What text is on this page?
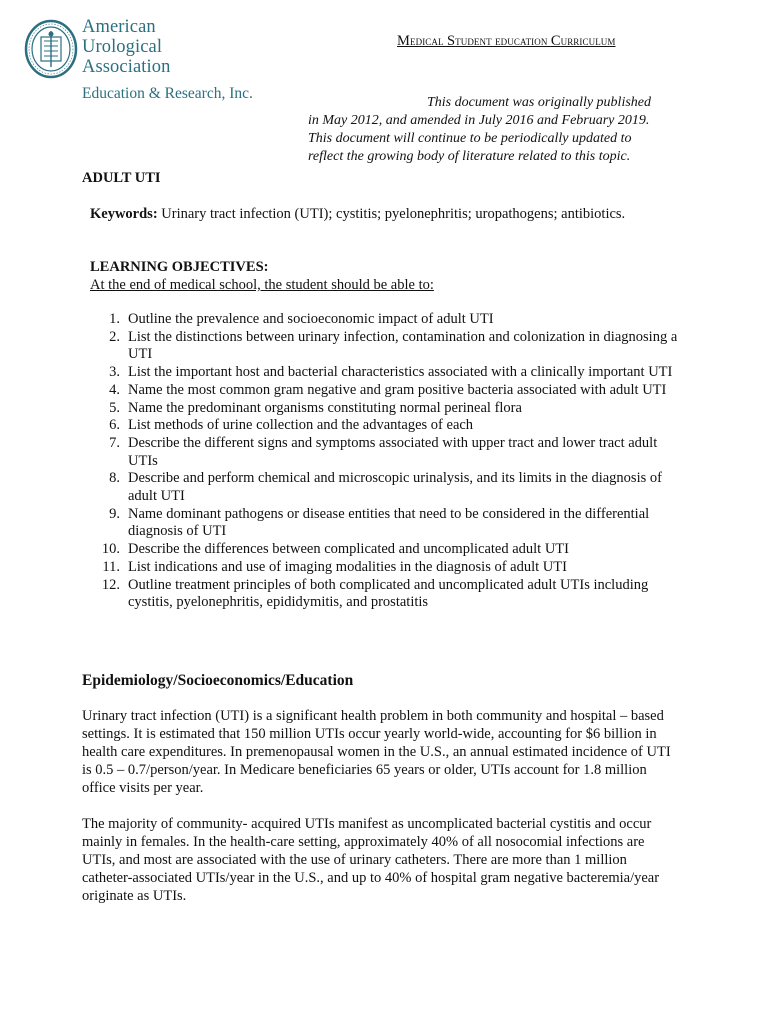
American
Urological
Association
Education & Research, Inc.
Medical Student education Curriculum
This document was originally published
in May 2012, and amended in July 2016 and February 2019.
This document will continue to be periodically updated to
reflect the growing body of literature related to this topic.
ADULT UTI
Keywords: Urinary tract infection (UTI); cystitis; pyelonephritis; uropathogens; antibiotics.
LEARNING OBJECTIVES:
At the end of medical school, the student should be able to:
1. Outline the prevalence and socioeconomic impact of adult UTI
2. List the distinctions between urinary infection, contamination and colonization in diagnosing a UTI
3. List the important host and bacterial characteristics associated with a clinically important UTI
4. Name the most common gram negative and gram positive bacteria associated with adult UTI
5. Name the predominant organisms constituting normal perineal flora
6. List methods of urine collection and the advantages of each
7. Describe the different signs and symptoms associated with upper tract and lower tract adult UTIs
8. Describe and perform chemical and microscopic urinalysis, and its limits in the diagnosis of adult UTI
9. Name dominant pathogens or disease entities that need to be considered in the differential diagnosis of UTI
10. Describe the differences between complicated and uncomplicated adult UTI
11. List indications and use of imaging modalities in the diagnosis of adult UTI
12. Outline treatment principles of both complicated and uncomplicated adult UTIs including cystitis, pyelonephritis, epididymitis, and prostatitis
Epidemiology/Socioeconomics/Education
Urinary tract infection (UTI) is a significant health problem in both community and hospital – based settings. It is estimated that 150 million UTIs occur yearly world-wide, accounting for $6 billion in health care expenditures. In premenopausal women in the U.S., an annual estimated incidence of UTI is 0.5 – 0.7/person/year. In Medicare beneficiaries 65 years or older, UTIs account for 1.8 million office visits per year.
The majority of community- acquired UTIs manifest as uncomplicated bacterial cystitis and occur mainly in females. In the health-care setting, approximately 40% of all nosocomial infections are UTIs, and most are associated with the use of urinary catheters. There are more than 1 million catheter-associated UTIs/year in the U.S., and up to 40% of hospital gram negative bacteremia/year originate as UTIs.
